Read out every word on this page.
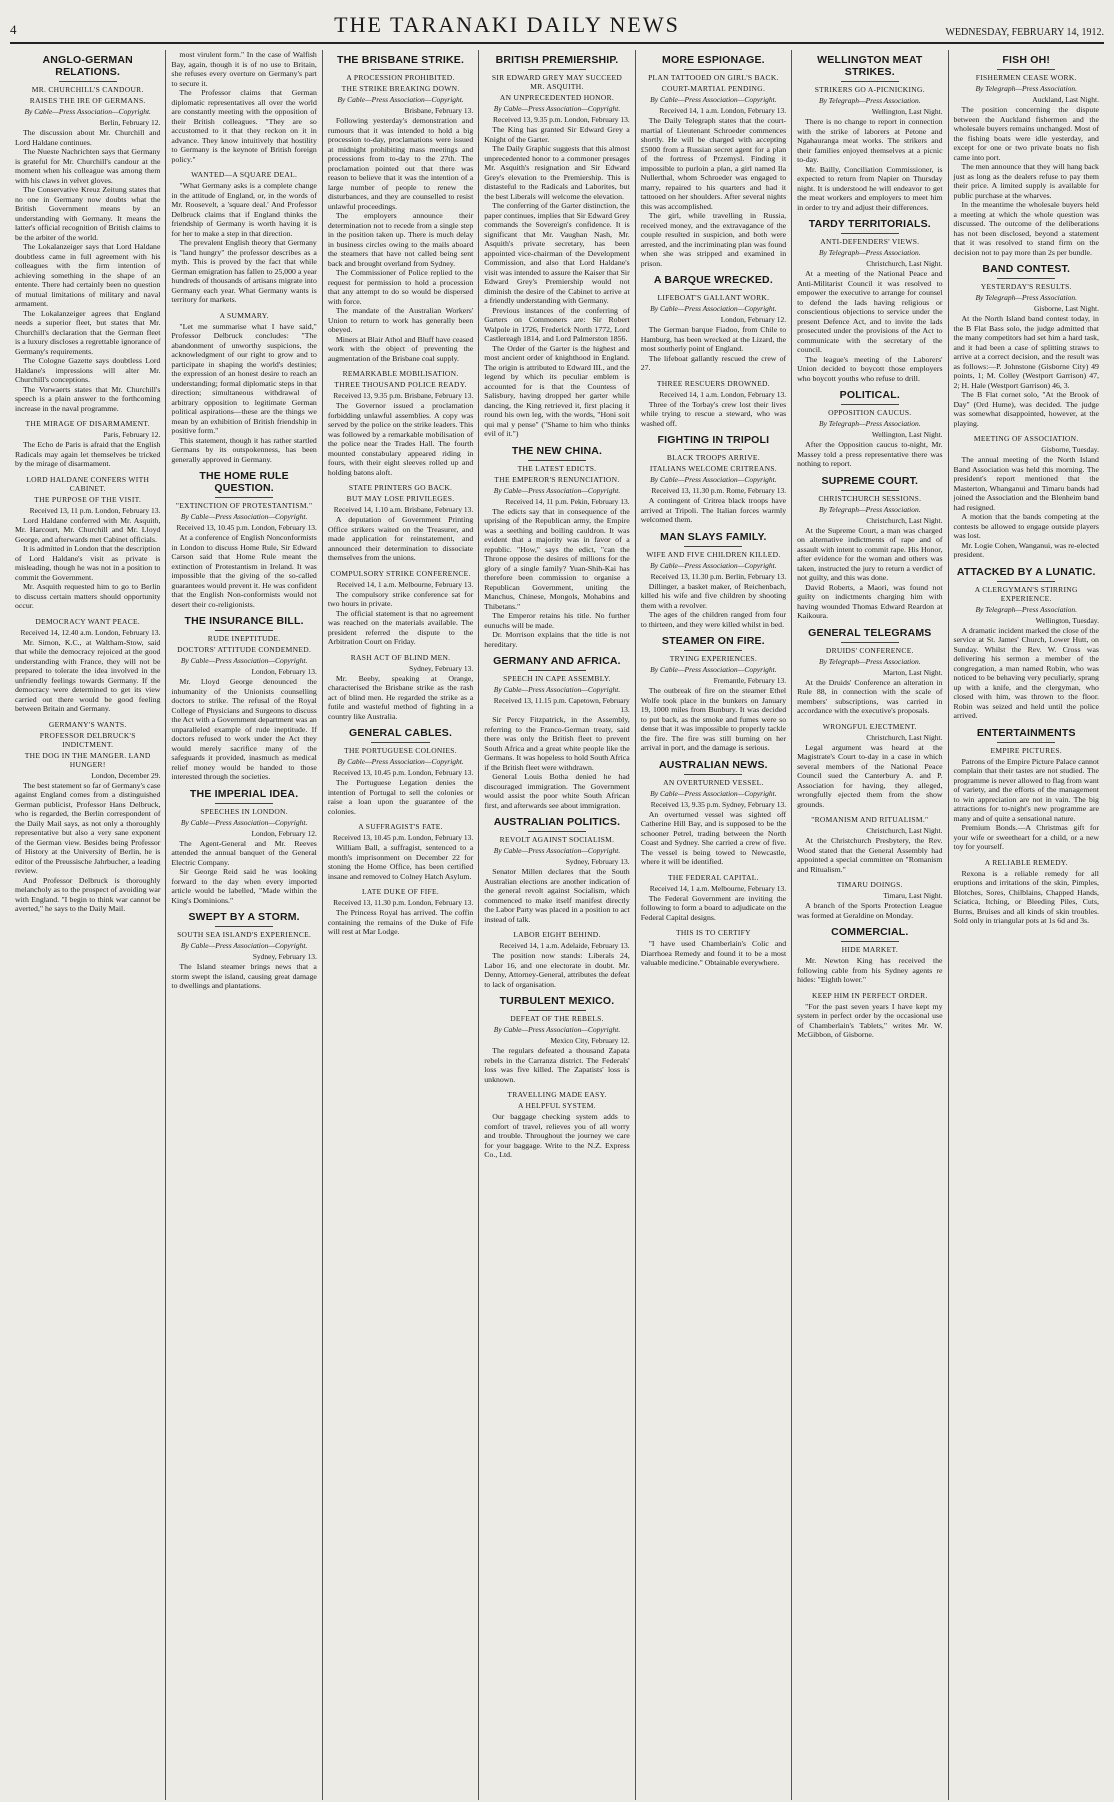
4	THE TARANAKI DAILY NEWS	WEDNESDAY, FEBRUARY 14, 1912.
ANGLO-GERMAN RELATIONS.
MR. CHURCHILL'S CANDOUR.
RAISES THE IRE OF GERMANS.
By Cable—Press Association—Copyright.
Berlin, February 12.

The discussion about Mr. Churchill and Lord Haldane continues.

The Nueste Nachrichten says that Germany is grateful for Mr. Churchill's candour at the moment when his colleague was among them with his claws in velvet gloves.

The Conservative Kreuz Zeitung states that no one in Germany now doubts what the British Government means by an understanding with Germany. It means the latter's official recognition of British claims to be the arbiter of the world.

The Lokalanzeiger says that Lord Haldane doubtless came in full agreement with his colleagues with the firm intention of achieving something in the shape of an entente. There had certainly been no question of mutual limitations of military and naval armament.

The Lokalanzeiger agrees that England needs a superior fleet, but states that Mr. Churchill's declaration that the German fleet is a luxury discloses a regrettable ignorance of Germany's requirements.

The Cologne Gazette says doubtless Lord Haldane's impressions will alter Mr. Churchill's conceptions.

The Vorwaerts states that Mr. Churchill's speech is a plain answer to the forthcoming increase in the naval programme.

THE MIRAGE OF DISARMAMENT.
Paris, February 12.

The Echo de Paris is afraid that the English Radicals may again let themselves be tricked by the mirage of disarmament.

LORD HALDANE CONFERS WITH CABINET.
THE PURPOSE OF THE VISIT.
Received 13, 11 p.m. London, February 13.

Lord Haldane conferred with Mr. Asquith, Mr. Harcourt, Mr. Churchill and Mr. Lloyd George, and afterwards met Cabinet officials.

It is admitted in London that the description of Lord Haldane's visit as private is misleading, though he was not in a position to commit the Government.

Mr. Asquith requested him to go to Berlin to discuss certain matters should opportunity occur.

DEMOCRACY WANT PEACE.
Received 14, 12.40 a.m. London, February 13.

Mr. Simon, K.C., at Waltham-Stow, said that while the democracy rejoiced at the good understanding with France, they will not be prepared to tolerate the idea involved in the unfriendly feelings towards Germany. If the democracy were determined to get its view carried out there would be good feeling between Britain and Germany.

GERMANY'S WANTS.
PROFESSOR DELBRUCK'S INDICTMENT.
THE DOG IN THE MANGER. LAND HUNGER!
London, December 29.

The best statement so far of Germany's case against England comes from a distinguished German publicist, Professor Hans Delbruck, who is regarded, the Berlin correspondent of the Daily Mail says, as not only a thoroughly representative but also a very sane exponent of the German view. Besides being Professor of History at the University of Berlin, he is editor of the Preussische Jahrbucher, a leading review.

And Professor Delbruck is thoroughly melancholy as to the prospect of avoiding war with England. "I begin to think war cannot be averted," he says to the Daily Mail.

most virulent form." In the case of Walfish Bay, again, though it is of no use to Britain, she refuses every overture on Germany's part to secure it.

The Professor claims that German diplomatic representatives all over the world are constantly meeting with the opposition of their British colleagues. "They are so accustomed to it that they reckon on it in advance. They know intuitively that hostility to Germany is the keynote of British foreign policy."

WANTED—A SQUARE DEAL.

"What Germany asks is a complete change in the attitude of England, or, in the words of Mr. Roosevelt, a 'square deal.' And Professor Delbruck claims that if England thinks the friendship of Germany is worth having it is for her to make a step in that direction.

The prevalent English theory that Germany is "land hungry" the professor describes as a myth. This is proved by the fact that while German emigration has fallen to 25,000 a year hundreds of thousands of artisans migrate into Germany each year. What Germany wants is territory for markets.

A SUMMARY.

"Let me summarise what I have said," Professor Delbruck concludes: "The abandonment of unworthy suspicions, the acknowledgment of our right to grow and to participate in shaping the world's destinies; the expression of an honest desire to reach an understanding; formal diplomatic steps in that direction; simultaneous withdrawal of arbitrary opposition to legitimate German political aspirations—these are the things we mean by an exhibition of British friendship in positive form."

This statement, though it has rather startled Germans by its outspokenness, has been generally approved in Germany.

THE HOME RULE QUESTION.
"EXTINCTION OF PROTESTANTISM."
By Cable—Press Association—Copyright.
Received 13, 10.45 p.m. London, February 13.

At a conference of English Nonconformists in London to discuss Home Rule, Sir Edward Carson said that Home Rule meant the extinction of Protestantism in Ireland. It was impossible that the giving of the so-called guarantees would prevent it. He was confident that the English Non-conformists would not desert their co-religionists.

THE INSURANCE BILL.
RUDE INEPTITUDE.
DOCTORS' ATTITUDE CONDEMNED.
By Cable—Press Association—Copyright.
London, February 13.

Mr. Lloyd George denounced the inhumanity of the Unionists counselling doctors to strike. The refusal of the Royal College of Physicians and Surgeons to discuss the Act with a Government department was an unparalleled example of rude ineptitude. If doctors refused to work under the Act they would merely sacrifice many of the safeguards it provided, inasmuch as medical relief money would be handed to those interested through the societies.

THE IMPERIAL IDEA.
SPEECHES IN LONDON.
By Cable—Press Association—Copyright.
London, February 12.

The Agent-General and Mr. Reeves attended the annual banquet of the General Electric Company.

Sir George Reid said he was looking forward to the day when every imported article would be labelled, "Made within the King's Dominions."

SWEPT BY A STORM.
SOUTH SEA ISLAND'S EXPERIENCE.
By Cable—Press Association—Copyright.
Sydney, February 13.

The Island steamer brings news that a storm swept the island, causing great damage to dwellings and plantations.

THE BRISBANE STRIKE.
A PROCESSION PROHIBITED.
THE STRIKE BREAKING DOWN.
By Cable—Press Association—Copyright.
Brisbane, February 13.

Following yesterday's demonstration and rumours that it was intended to hold a big procession to-day, proclamations were issued at midnight prohibiting mass meetings and processions from to-day to the 27th. The proclamation pointed out that there was reason to believe that it was the intention of a large number of people to renew the disturbances, and they are counselled to resist unlawful proceedings.

The employers announce their determination not to recede from a single step in the position taken up. There is much delay in business circles owing to the mails aboard the steamers that have not called being sent back and brought overland from Sydney.

The Commissioner of Police replied to the request for permission to hold a procession that any attempt to do so would be dispersed with force.

The mandate of the Australian Workers' Union to return to work has generally been obeyed.

Miners at Blair Athol and Bluff have ceased work with the object of preventing the augmentation of the Brisbane coal supply.

REMARKABLE MOBILISATION.
THREE THOUSAND POLICE READY.
Received 13, 9.35 p.m. Brisbane, February 13.

The Governor issued a proclamation forbidding unlawful assemblies. A copy was served by the police on the strike leaders. This was followed by a remarkable mobilisation of the police near the Trades Hall. The fourth mounted constabulary appeared riding in fours, with their eight sleeves rolled up and holding batons aloft.

STATE PRINTERS GO BACK.
BUT MAY LOSE PRIVILEGES.
Received 14, 1.10 a.m. Brisbane, February 13.

A deputation of Government Printing Office strikers waited on the Treasurer, and made application for reinstatement, and announced their determination to dissociate themselves from the unions.

COMPULSORY STRIKE CONFERENCE.
Received 14, 1 a.m. Melbourne, February 13.

The compulsory strike conference sat for two hours in private.

The official statement is that no agreement was reached on the materials available. The president referred the dispute to the Arbitration Court on Friday.

RASH ACT OF BLIND MEN.
Sydney, February 13.

Mr. Beeby, speaking at Orange, characterised the Brisbane strike as the rash act of blind men. He regarded the strike as a futile and wasteful method of fighting in a country like Australia.

GENERAL CABLES.
THE PORTUGUESE COLONIES.
By Cable—Press Association—Copyright.
Received 13, 10.45 p.m. London, February 13.

The Portuguese Legation denies the intention of Portugal to sell the colonies or raise a loan upon the guarantee of the colonies.

A SUFFRAGIST'S FATE.
Received 13, 10.45 p.m. London, February 13.

William Ball, a suffragist, sentenced to a month's imprisonment on December 22 for stoning the Home Office, has been certified insane and removed to Colney Hatch Asylum.

LATE DUKE OF FIFE.
Received 13, 11.30 p.m. London, February 13.

The Princess Royal has arrived. The coffin containing the remains of the Duke of Fife will rest at Mar Lodge.

BRITISH PREMIERSHIP.
SIR EDWARD GREY MAY SUCCEED MR. ASQUITH.
AN UNPRECEDENTED HONOR.
By Cable—Press Association—Copyright.
Received 13, 9.35 p.m. London, February 13.

The King has granted Sir Edward Grey a Knight of the Garter.

The Daily Graphic suggests that this almost unprecedented honor to a commoner presages Mr. Asquith's resignation and Sir Edward Grey's elevation to the Premiership. This is distasteful to the Radicals and Laborites, but the best Liberals will welcome the elevation.

The conferring of the Garter distinction, the paper continues, implies that Sir Edward Grey commands the Sovereign's confidence. It is significant that Mr. Vaughan Nash, Mr. Asquith's private secretary, has been appointed vice-chairman of the Development Commission, and also that Lord Haldane's visit was intended to assure the Kaiser that Sir Edward Grey's Premiership would not diminish the desire of the Cabinet to arrive at a friendly understanding with Germany.

Previous instances of the conferring of Garters on Commoners are: Sir Robert Walpole in 1726, Frederick North 1772, Lord Castlereagh 1814, and Lord Palmerston 1856.

The Order of the Garter is the highest and most ancient order of knighthood in England. The origin is attributed to Edward III., and the legend by which its peculiar emblem is accounted for is that the Countess of Salisbury, having dropped her garter while dancing, the King retrieved it, first placing it round his own leg, with the words, "Honi soit qui mal y pense" ("Shame to him who thinks evil of it.")

THE NEW CHINA.
THE LATEST EDICTS.
THE EMPEROR'S RENUNCIATION.
By Cable—Press Association—Copyright.
Received 14, 11 p.m. Pekin, February 13.

The edicts say that in consequence of the uprising of the Republican army, the Empire was a seething and boiling cauldron. It was evident that a majority was in favor of a republic. "How," says the edict, "can the Throne oppose the desires of millions for the glory of a single family? Yuan-Shih-Kai has therefore been commission to organise a Republican Government, uniting the Manchus, Chinese, Mongols, Mohabins and Thibetans."

The Emperor retains his title. No further eunuchs will be made.

Dr. Morrison explains that the title is not hereditary.

GERMANY AND AFRICA.
SPEECH IN CAPE ASSEMBLY.
By Cable—Press Association—Copyright.
Received 13, 11.15 p.m. Capetown, February 13.

Sir Percy Fitzpatrick, in the Assembly, referring to the Franco-German treaty, said there was only the British fleet to prevent South Africa and a great white people like the Germans. It was hopeless to hold South Africa if the British fleet were withdrawn.

General Louis Botha denied he had discouraged immigration. The Government would assist the poor white South African first, and afterwards see about immigration.

AUSTRALIAN POLITICS.
REVOLT AGAINST SOCIALISM.
By Cable—Press Association—Copyright.
Sydney, February 13.

Senator Millen declares that the South Australian elections are another indication of the general revolt against Socialism, which commenced to make itself manifest directly the Labor Party was placed in a position to act instead of talk.

LABOR EIGHT BEHIND.
Received 14, 1 a.m. Adelaide, February 13.

The position now stands: Liberals 24, Labor 16, and one electorate in doubt. Mr. Denny, Attorney-General, attributes the defeat to lack of organisation.

TURBULENT MEXICO.
DEFEAT OF THE REBELS.
By Cable—Press Association—Copyright.
Mexico City, February 12.

The regulars defeated a thousand Zapata rebels in the Carranza district. The Federals' loss was five killed. The Zapatists' loss is unknown.

TRAVELLING MADE EASY.
A HELPFUL SYSTEM.

Our baggage checking system adds to comfort of travel, relieves you of all worry and trouble. Throughout the journey we care for your baggage. Write to the N.Z. Express Co., Ltd.

MORE ESPIONAGE.
PLAN TATTOOED ON GIRL'S BACK.
COURT-MARTIAL PENDING.
By Cable—Press Association—Copyright.
Received 14, 1 a.m. London, February 13.

The Daily Telegraph states that the court-martial of Lieutenant Schroeder commences shortly. He will be charged with accepting £5000 from a Russian secret agent for a plan of the fortress of Przemysl. Finding it impossible to purloin a plan, a girl named Ila Nullerthal, whom Schroeder was engaged to marry, repaired to his quarters and had it tattooed on her shoulders. After several nights this was accomplished.

The girl, while travelling in Russia, received money, and the extravagance of the couple resulted in suspicion, and both were arrested, and the incriminating plan was found when she was stripped and examined in prison.

A BARQUE WRECKED.
LIFEBOAT'S GALLANT WORK.
By Cable—Press Association—Copyright.
London, February 12.

The German barque Fiadoo, from Chile to Hamburg, has been wrecked at the Lizard, the most southerly point of England.

The lifeboat gallantly rescued the crew of 27.

THREE RESCUERS DROWNED.
Received 14, 1 a.m. London, February 13.

Three of the Torbay's crew lost their lives while trying to rescue a steward, who was washed off.

FIGHTING IN TRIPOLI
BLACK TROOPS ARRIVE.
ITALIANS WELCOME CRITREANS.
By Cable—Press Association—Copyright.
Received 13, 11.30 p.m. Rome, February 13.

A contingent of Critrea black troops have arrived at Tripoli. The Italian forces warmly welcomed them.

MAN SLAYS FAMILY.
WIFE AND FIVE CHILDREN KILLED.
By Cable—Press Association—Copyright.
Received 13, 11.30 p.m. Berlin, February 13.

Dillinger, a basket maker, of Reichenbach, killed his wife and five children by shooting them with a revolver.

The ages of the children ranged from four to thirteen, and they were killed whilst in bed.

STEAMER ON FIRE.
TRYING EXPERIENCES.
By Cable—Press Association—Copyright.
Fremantle, February 13.

The outbreak of fire on the steamer Ethel Wolfe took place in the bunkers on January 19, 1000 miles from Bunbury. It was decided to put back, as the smoke and fumes were so dense that it was impossible to properly tackle the fire. The fire was still burning on her arrival in port, and the damage is serious.

AUSTRALIAN NEWS.
AN OVERTURNED VESSEL.
By Cable—Press Association—Copyright.
Received 13, 9.35 p.m. Sydney, February 13.

An overturned vessel was sighted off Catherine Hill Bay, and is supposed to be the schooner Petrel, trading between the North Coast and Sydney. She carried a crew of five. The vessel is being towed to Newcastle, where it will be identified.

THE FEDERAL CAPITAL.
Received 14, 1 a.m. Melbourne, February 13.

The Federal Government are inviting the following to form a board to adjudicate on the Federal Capital designs.

THIS IS TO CERTIFY

"I have used Chamberlain's Colic and Diarrhoea Remedy and found it to be a most valuable medicine." Obtainable everywhere.

WELLINGTON MEAT STRIKES.
STRIKERS GO A-PICNICKING.
By Telegraph—Press Association.
Wellington, Last Night.

There is no change to report in connection with the strike of laborers at Petone and Ngahauranga meat works. The strikers and their families enjoyed themselves at a picnic to-day.

Mr. Bailly, Conciliation Commissioner, is expected to return from Napier on Thursday night. It is understood he will endeavor to get the meat workers and employers to meet him in order to try and adjust their differences.

TARDY TERRITORIALS.
ANTI-DEFENDERS' VIEWS.
By Telegraph—Press Association.
Christchurch, Last Night.

At a meeting of the National Peace and Anti-Militarist Council it was resolved to empower the executive to arrange for counsel to defend the lads having religious or conscientious objections to service under the present Defence Act, and to invite the lads prosecuted under the provisions of the Act to communicate with the secretary of the council.

The league's meeting of the Laborers' Union decided to boycott those employers who boycott youths who refuse to drill.

POLITICAL.
OPPOSITION CAUCUS.
By Telegraph—Press Association.
Wellington, Last Night.

After the Opposition caucus to-night, Mr. Massey told a press representative there was nothing to report.

SUPREME COURT.
CHRISTCHURCH SESSIONS.
By Telegraph—Press Association.
Christchurch, Last Night.

At the Supreme Court, a man was charged on alternative indictments of rape and of assault with intent to commit rape. His Honor, after evidence for the woman and others was taken, instructed the jury to return a verdict of not guilty, and this was done.

David Roberts, a Maori, was found not guilty on indictments charging him with having wounded Thomas Edward Reardon at Kaikoura.

GENERAL TELEGRAMS
DRUIDS' CONFERENCE.
By Telegraph—Press Association.
Marton, Last Night.

At the Druids' Conference an alteration in Rule 88, in connection with the scale of members' subscriptions, was carried in accordance with the executive's proposals.

WRONGFUL EJECTMENT.
Christchurch, Last Night.

Legal argument was heard at the Magistrate's Court to-day in a case in which several members of the National Peace Council sued the Canterbury A. and P. Association for having, they alleged, wrongfully ejected them from the show grounds.

"ROMANISM AND RITUALISM."
Christchurch, Last Night.

At the Christchurch Presbytery, the Rev. Wood stated that the General Assembly had appointed a special committee on "Romanism and Ritualism."

TIMARU DOINGS.
Timaru, Last Night.

A branch of the Sports Protection League was formed at Geraldine on Monday.

COMMERCIAL.
HIDE MARKET.

Mr. Newton King has received the following cable from his Sydney agents re hides: "Eighth lower."

KEEP HIM IN PERFECT ORDER.

"For the past seven years I have kept my system in perfect order by the occasional use of Chamberlain's Tablets," writes Mr. W. McGibbon, of Gisborne.

FISH OH!
FISHERMEN CEASE WORK.
By Telegraph—Press Association.
Auckland, Last Night.

The position concerning the dispute between the Auckland fishermen and the wholesale buyers remains unchanged. Most of the fishing boats were idle yesterday, and except for one or two private boats no fish came into port.

The men announce that they will hang back just as long as the dealers refuse to pay them their price. A limited supply is available for public purchase at the wharves.

In the meantime the wholesale buyers held a meeting at which the whole question was discussed. The outcome of the deliberations has not been disclosed, beyond a statement that it was resolved to stand firm on the decision not to pay more than 2s per bundle.

BAND CONTEST.
YESTERDAY'S RESULTS.
By Telegraph—Press Association.
Gisborne, Last Night.

At the North Island band contest today, in the B Flat Bass solo, the judge admitted that the many competitors had set him a hard task, and it had been a case of splitting straws to arrive at a correct decision, and the result was as follows:—P. Johnstone (Gisborne City) 49 points, 1; M. Colley (Westport Garrison) 47, 2; H. Hale (Westport Garrison) 46, 3.

The B Flat cornet solo, "At the Brook of Day" (Ord Hume), was decided. The judge was somewhat disappointed, however, at the playing.

MEETING OF ASSOCIATION.
Gisborne, Tuesday.

The annual meeting of the North Island Band Association was held this morning. The president's report mentioned that the Masterton, Whanganui and Timaru bands had joined the Association and the Blenheim band had resigned.

A motion that the bands competing at the contests be allowed to engage outside players was lost.

Mr. Logie Cohen, Wanganui, was re-elected president.

ATTACKED BY A LUNATIC.
A CLERGYMAN'S STIRRING EXPERIENCE.
By Telegraph—Press Association.
Wellington, Tuesday.

A dramatic incident marked the close of the service at St. James' Church, Lower Hutt, on Sunday. Whilst the Rev. W. Cross was delivering his sermon a member of the congregation, a man named Robin, who was noticed to be behaving very peculiarly, sprang up with a knife, and the clergyman, who closed with him, was thrown to the floor. Robin was seized and held until the police arrived.

ENTERTAINMENTS
EMPIRE PICTURES.

Patrons of the Empire Picture Palace cannot complain that their tastes are not studied. The programme is never allowed to flag from want of variety, and the efforts of the management to win appreciation are not in vain. The big attractions for to-night's new programme are many and of quite a sensational nature.

Premium Bonds.—A Christmas gift for your wife or sweetheart for a child, or a new toy for yourself.

A RELIABLE REMEDY.

Rexona is a reliable remedy for all eruptions and irritations of the skin, Pimples, Blotches, Sores, Chilblains, Chapped Hands, Sciatica, Itching, or Bleeding Piles, Cuts, Burns, Bruises and all kinds of skin troubles. Sold only in triangular pots at 1s 6d and 3s.
